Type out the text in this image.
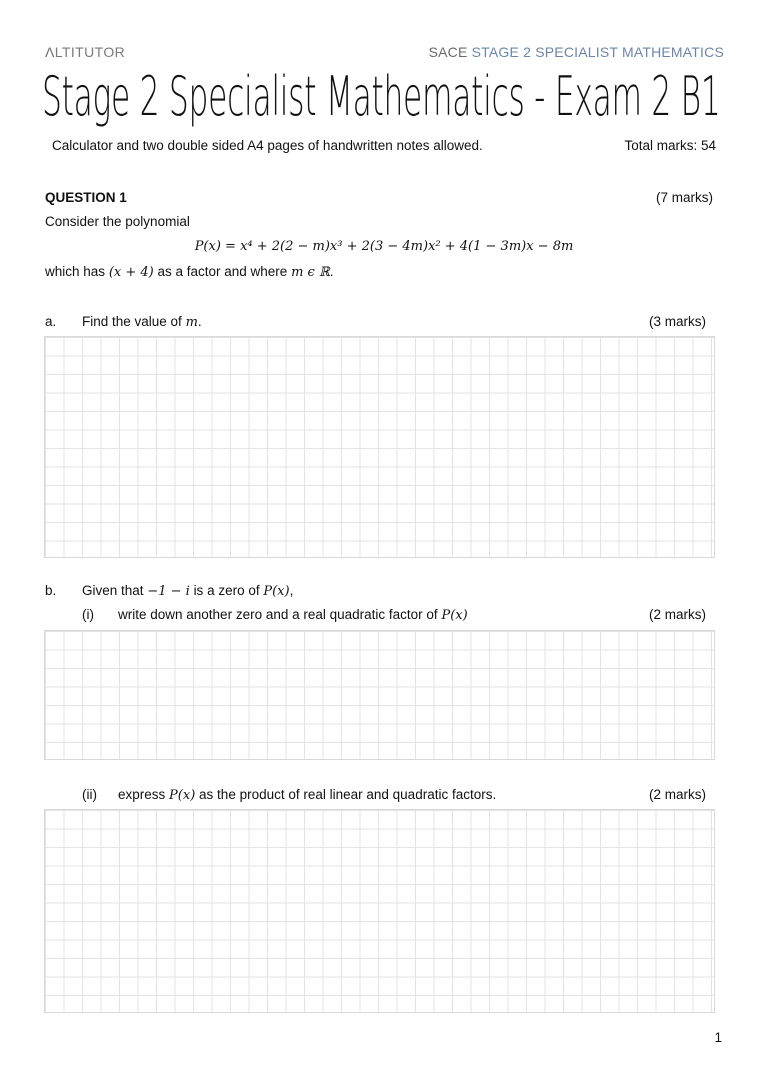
ΛLTITUTOR	SACE STAGE 2 SPECIALIST MATHEMATICS
Stage 2 Specialist Mathematics - Exam 2 B1
Calculator and two double sided A4 pages of handwritten notes allowed.	Total marks: 54
QUESTION 1	(7 marks)
Consider the polynomial
P(x) = x⁴ + 2(2 − m)x³ + 2(3 − 4m)x² + 4(1 − 3m)x − 8m
which has (x + 4) as a factor and where m ϵ ℝ.
a. Find the value of m.	(3 marks)
b. Given that −1 − i is a zero of P(x),
(i) write down another zero and a real quadratic factor of P(x)	(2 marks)
(ii) express P(x) as the product of real linear and quadratic factors.	(2 marks)
1
